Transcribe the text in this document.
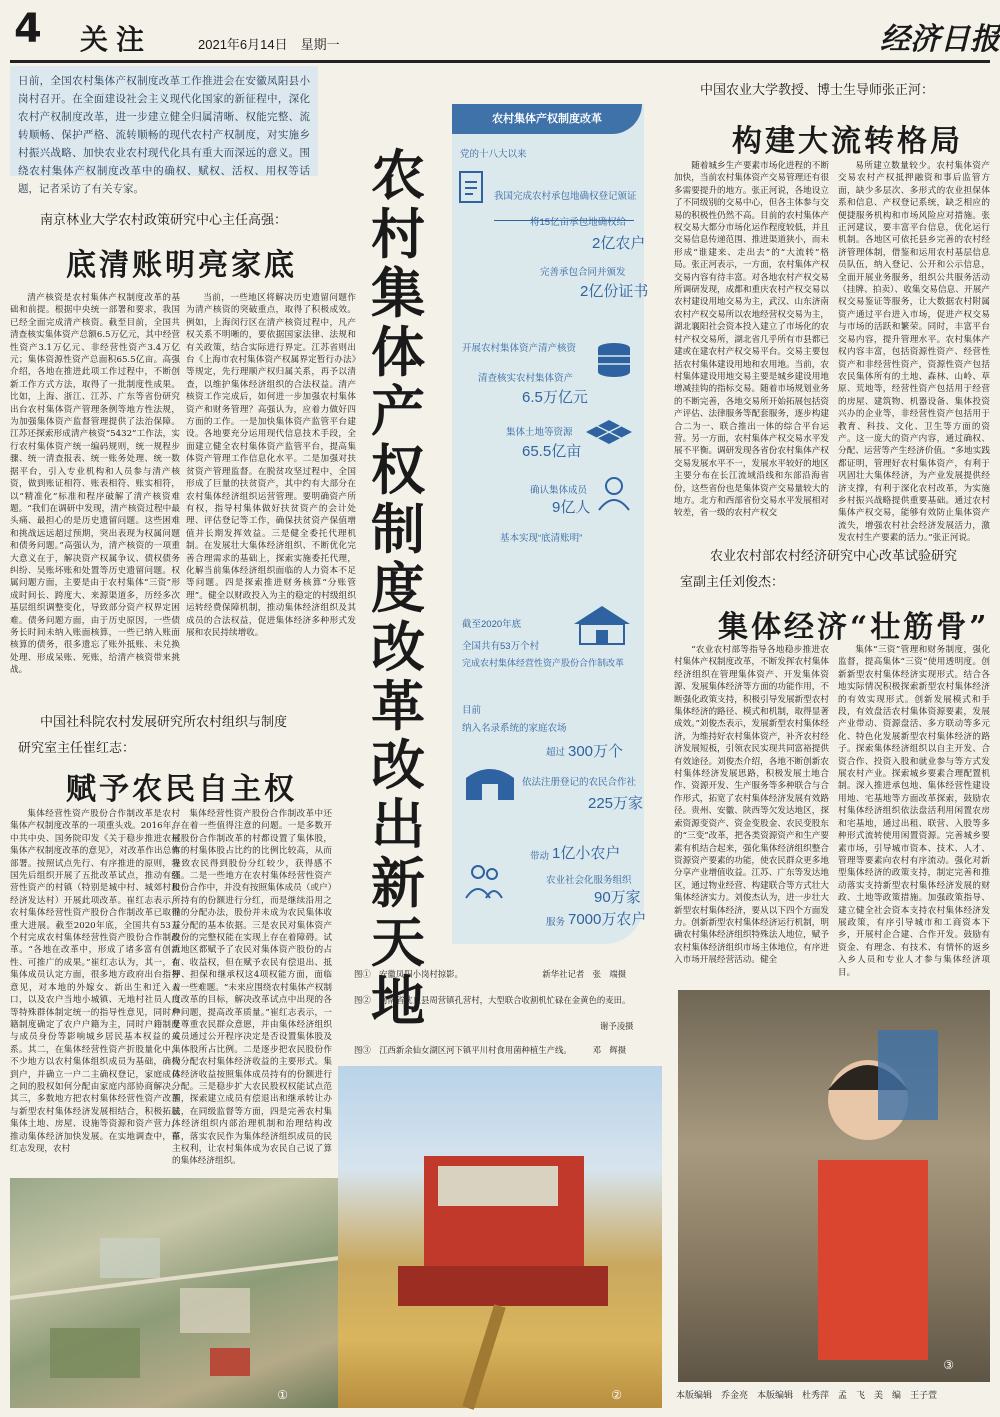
4 关注	2021年6月14日　星期一	经济日报
日前，全国农村集体产权制度改革工作推进会在安徽凤阳县小岗村召开。在全面建设社会主义现代化国家的新征程中，深化农村产权制度改革，进一步建立健全归属清晰、权能完整、流转顺畅、保护严格、流转顺畅的现代农村产权制度，对实施乡村振兴战略、加快农业农村现代化具有重大而深远的意义。围绕农村集体产权制度改革中的确权、赋权、活权、用权等话题，记者采访了有关专家。
南京林业大学农村政策研究中心主任高强：
底清账明亮家底

清产核资是农村集体产权制度改革的基础和前提。根据中央统一部署和要求，我国已经全面完成清产核资。截至目前，全国共清查核实集体资产总额6.5万亿元，其中经营性资产3.1万亿元、非经营性资产3.4万亿元；集体资源性资产总面积65.5亿亩。高强介绍，各地在推进此项工作过程中，不断创新工作方式方法，取得了一批制度性成果。比如，上海、浙江、江苏、广东等省份研究出台农村集体资产管理条例等地方性法规，为加强集体资产监督管理提供了法治保障。江苏还探索形成清产核资“5432”工作法，实行农村集体资产统一编码规则，统一规程步骤、统一清查报表、统一账务处理、统一数据平台，引入专业机构和人员参与清产核资，做到账证相符、账表相符、账实相符，以“精准化”标准和程序破解了清产核资难题。“我们在调研中发现，清产核资过程中最头痛、最担心的是历史遗留问题。这些困难和挑战远远超过预期，突出表现为权属问题和债务问题。”高强认为，清产核资的一项重大意义在于，解决资产权属争议、债权债务纠纷、吴账坏账和处置等历史遗留问题。权属问题方面，主要是由于农村集体“三资”形成时间长、跨度大、来源渠道多，历经多次基层组织调整变化，导致部分资产权界定困难。债务问题方面，由于历史原因，一些债务长时间未纳入账面核算，一些已纳入账面核算的债务，很多遗忘了账外抵账、未兑换处理、形成呆账、死账，给清产核资带来挑战。

当前，一些地区将解决历史遗留问题作为清产核资的突破重点，取得了积极成效。例如，上海闵行区在清产核资过程中，凡产权关系不明晰的，要依据国家法律、法规和有关政策，结合实际进行界定。江苏省则出台《上海市农村集体资产权属界定暂行办法》等规定，先行理顺产权归属关系，再予以清查，以维护集体经济组织的合法权益。清产核资工作完成后，如何进一步加强农村集体资产和财务管理？高强认为，应着力做好四方面的工作。一是加快集体资产监管平台建设。各地要充分运用现代信息技术手段，全面建立健全农村集体资产监管平台，提高集体资产管理工作信息化水平。二是加强对扶贫资产管理监督。在脱贫攻坚过程中，全国形成了巨量的扶贫资产，其中约有大部分在农村集体经济组织运营管理。要明确资产所有权，指导村集体做好扶贫资产的会计处理、评估登记等工作，确保扶贫资产保值增值并长期发挥效益。三是健全委托代理机制。在发展壮大集体经济组织、不断优化完善合理需求的基础上，探索实施委托代理，化解当前集体经济组织面临的人力资本不足等问题。四是探索推进财务核算“分账管理”。健全以财政投入为主的稳定的村级组织运转经费保障机制，推动集体经济组织及其成员的合法权益，促进集体经济多种形式发展和农民持续增收。

中国社科院农村发展研究所农村组织与制度
研究室主任崔红志：
赋予农民自主权

集体经营性资产股份合作制改革是农村集体产权制度改革的一项重头戏。2016年，中共中央、国务院印发《关于稳步推进农村集体产权制度改革的意见》，对改革作出总体部署。按照试点先行、有序推进的原则，我国先后组织开展了五批改革试点，推动有经营性资产的村镇（特别是城中村、城郊村和经济发达村）开展此项改革。崔红志表示，农村集体经营性资产股份合作制改革已取得重大进展。截至2020年底，全国共有53万个村完成农村集体经营性资产股份合作制改革。“各地在改革中，形成了诸多富有创新性、可推广的成果。”崔红志认为，其一，在集体成员认定方面，很多地方政府出台指导意见，对本地的外嫁女、新出生和迁入人口，以及农户当地小城镇、无地村社员人口等特殊群体制定统一的指导性意见，同时户籍制度确定了农户户籍为主，同时户籍制度与成员身份等影响城乡居民基本权益的关系。其二，在集体经营性资产折股量化中，不少地方以农村集体组织成员为基础，确权到户，并确立一户二主确权登记，家庭成员之间的股权如何分配由家庭内部协商解决。其三，多数地方把农村集体经营性资产改革与新型农村集体经济发展相结合，积极拓展集体土地、房屋、设施等资源和资产营力，推动集体经济加快发展。在实地调查中，崔红志发现，农村

集体经营性资产股份合作制改革中还存在着一些值得注意的问题。一是多数开展股份合作制改革的村都设置了集体股，有的村集体股占比约的比例比较高，从而导致农民得到股份分红较少，获得感不强。二是一些地方在农村集体经营性资产股份合作中，并没有按照集体成员（或户）所持有的份额进行分红，而是继续沿用之前的分配办法，股份并未成为农民集体收益分配的基本依据。三是农民对集体资产股份的完整权能在实现上存在着障碍。试点地区都赋予了农民对集体资产股份的占有、收益权，但在赋予农民有偿退出、抵押、担保和继承权这4项权能方面，面临着一些难题。“未来应围绕农村集体产权制度改革的目标，解决改革试点中出现的各种问题，提高改革质量。”崔红志表示，一是尊重农民群众意愿，并由集体经济组织成员通过公开程序决定是否设置集体股及集体股所占比例。二是逐步把农民股份作为分配农村集体经济收益的主要形式。集体经济收益按照集体成员持有的份额进行分配。三是稳步扩大农民股权权能试点范围，探索建立成员有偿退出和继承转让办法，在同级监督等方面，四是完善农村集体经济组织内部治理机制和治理结构改革，落实农民作为集体经济组织成员的民主权利，让农村集体成为农民自己说了算的集体经济组织。

农村集体产权制度改革改出新天地
农村集体产权制度改革
党的十八大以来
我国完成农村承包地确权登记颁证
将15亿亩承包地确权给
2亿农户
完善承包合同并颁发
2亿份证书
开展农村集体资产清产核资
清查核实农村集体资产
6.5万亿元
集体土地等资源
65.5亿亩
确认集体成员
9亿人
基本实现“底清账明”
截至2020年底
全国共有53万个村
完成农村集体经营性资产股份合作制改革
目前
纳入名录系统的家庭农场
超过 300万个
依法注册登记的农民合作社
225万家
带动 1亿小农户
农业社会化服务组织
90万家
服务 7000万农户
中国农业大学教授、博士生导师张正河：
构建大流转格局

随着城乡生产要素市场化进程的不断加快，当前农村集体资产交易管理还有很多需要提升的地方。张正河说，各地设立了不同级别的交易中心，但各主体参与交易的积极性仍然不高。目前的农村集体产权交易大都分市场化运作程度较低，并且交易信息传递范围、推进渠道狭小，而未形成“谁建来、走出去”的“大流转”格局。张正河表示，一方面，农村集体产权交易内容有待丰富。对各地农村产权交易所调研发现，成都和重庆农村产权交易以农村建设用地交易为主，武汉、山东济南农村产权交易所以农地经营权交易为主，湖北襄阳社会资本投入建立了市场化的农村产权交易所，湖北省几乎所有市县都已建或在建农村产权交易平台。交易主要包括农村集体建设用地和农用地。当前，农村集体建设用地交易主要是城乡建设用地增减挂钩的指标交易。随着市场规划业务的不断完善，各地交易所开始拓展包括资产评估、法律服务等配套服务，逐步构建合二为一、联合推出一体的综合平台运营。另一方面，农村集体产权交易水平发展不平衡。调研发现各省份农村集体产权交易发展水平不一，发展水平较好的地区主要分布在长江流域沿线和东部沿海省份，这些省份也是集体资产交易量较大的地方。北方和西部省份交易水平发展相对较差，省一级的农村产权交

易所建立数量较少。农村集体资产交易农村产权抵押融资和事后监管方面，缺少多层次、多形式的农业担保体系和信息、产权登记系统，缺乏相应的便捷服务机构和市场风险应对措施。张正河建议，要丰富平台信息，优化运行机制。各地区可依托县乡完善的农村经济管理体制，借鉴和运用农村基层信息员队伍，纳入登记、公开和公示信息，全面开展业务服务，组织公共服务活动（挂牌、拍卖）、收集交易信息、开展产权交易鉴证等服务，让大数据农村附属资产通过平台进入市场，促进产权交易与市场的活跃和繁荣。同时，丰富平台交易内容，提升管理水平。农村集体产权内容丰富，包括资源性资产、经营性资产和非经营性资产，资源性资产包括农民集体所有的土地、森林、山岭、草原、荒地等，经营性资产包括用于经营的房屋、建筑物、机器设备、集体投资兴办的企业等，非经营性资产包括用于教育、科技、文化、卫生等方面的资产。这一庞大的资产内容，通过确权、分配、运营等产生经济价值。“多地实践都证明，管理好农村集体资产，有利于巩固壮大集体经济，为产业发展提供经济支撑，有利于深化农村改革，为实施乡村振兴战略提供重要基础。通过农村集体产权交易，能够有效防止集体资产流失，增强农村社会经济发展活力，激发农村生产要素的活力。”张正河说。

农业农村部农村经济研究中心改革试验研究
室副主任刘俊杰：
集体经济“壮筋骨”

“农业农村部等指导各地稳步推进农村集体产权制度改革，不断发挥农村集体经济组织在管理集体资产、开发集体资源、发展集体经济等方面的功能作用，不断强化政策支持，积极引导发展新型农村集体经济的路径、模式和机制，取得显著成效。”刘俊杰表示，发展新型农村集体经济，为维持好农村集体资产，补齐农村经济发展短板，引领农民实现共同富裕提供有效途径。刘俊杰介绍，各地不断创新农村集体经济发展思路，积极发展土地合作、资源开发、生产服务等多种联合与合作形式，拓宽了农村集体经济发展有效路径。贵州、安徽、陕西等欠发达地区，探索资源变资产、资金变股金、农民变股东的“三变”改革，把各类资源资产和生产要素有机结合起来，强化集体经济组织整合资源资产要素的功能，使农民群众更多地分享产业增值收益。江苏、广东等发达地区，通过物业经营、构建联合等方式壮大集体经济实力。刘俊杰认为，进一步壮大新型农村集体经济，要从以下四个方面发力。创新新型农村集体经济运行机制，明确农村集体经济组织特殊法人地位，赋予农村集体经济组织市场主体地位，有序进入市场开展经营活动。健全

集体“三资”管理和财务制度，强化监督，提高集体“三资”使用透明度。创新新型农村集体经济实现形式。结合各地实际情况积极探索新型农村集体经济的有效实现形式。创新发展模式和手段，有效盘活农村集体资源要素，发展产业带动、资源盘活、多方联动等多元化、特色化发展新型农村集体经济的路子。探索集体经济组织以自主开发、合资合作、投资入股和就业参与等方式发展农村产业。探索城乡要素合理配置机制。深入推进承包地、集体经营性建设用地、宅基地等方面改革探索，鼓励农村集体经济组织依法盘活利用闲置农房和宅基地，通过出租、联营、入股等多种形式流转使用闲置资源。完善城乡要素市场，引导城市资本、技术、人才、管理等要素向农村有序流动。强化对新型集体经济的政策支持，制定完善和推动落实支持新型农村集体经济发展的财政、土地等政策措施。加强政策指导、建立健全社会资本支持农村集体经济发展政策，有序引导城市和工商资本下乡，开展村企合建、合作开发。鼓励有资金、有理念、有技术、有情怀的返乡入乡人员和专业人才参与集体经济项目。

图①　安徽凤阳小岗村掠影。　　　　　　　　　　新华社记者　张　端摄
图②　河南省沈丘县周营镇孔营村，大型联合收割机忙碌在金黄色的麦田。
谢予凌摄
图③　江西新余仙女湖区河下镇平川村食用菌种植生产线。　　　邓　辉摄
①	②
③
本版编辑　乔金亮　本版编辑　杜秀萍　孟　飞　美　编　王子萱
